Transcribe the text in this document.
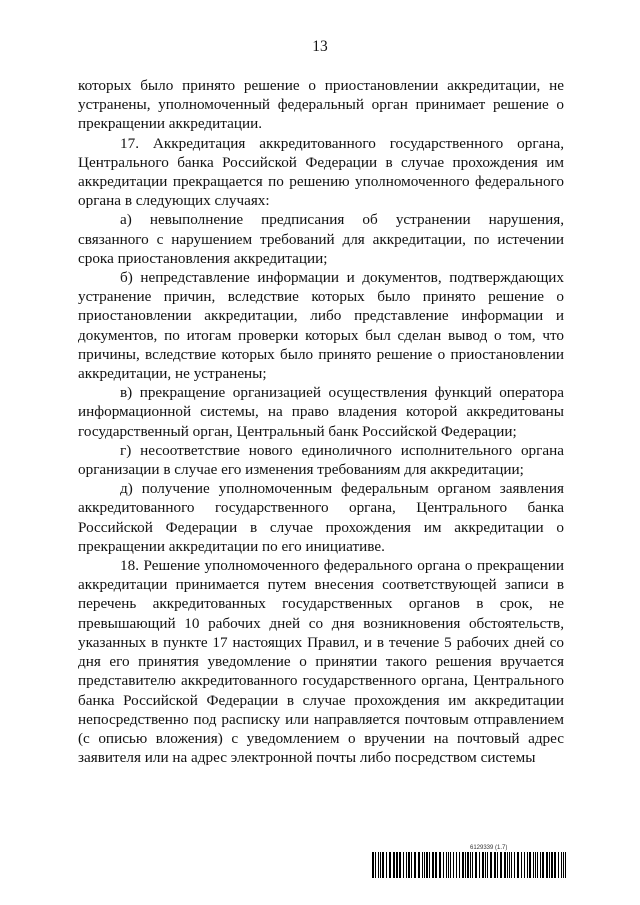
13

которых было принято решение о приостановлении аккредитации, не устранены, уполномоченный федеральный орган принимает решение о прекращении аккредитации.

17. Аккредитация аккредитованного государственного органа, Центрального банка Российской Федерации в случае прохождения им аккредитации прекращается по решению уполномоченного федерального органа в следующих случаях:

а) невыполнение предписания об устранении нарушения, связанного с нарушением требований для аккредитации, по истечении срока приостановления аккредитации;

б) непредставление информации и документов, подтверждающих устранение причин, вследствие которых было принято решение о приостановлении аккредитации, либо представление информации и документов, по итогам проверки которых был сделан вывод о том, что причины, вследствие которых было принято решение о приостановлении аккредитации, не устранены;

в) прекращение организацией осуществления функций оператора информационной системы, на право владения которой аккредитованы государственный орган, Центральный банк Российской Федерации;

г) несоответствие нового единоличного исполнительного органа организации в случае его изменения требованиям для аккредитации;

д) получение уполномоченным федеральным органом заявления аккредитованного государственного органа, Центрального банка Российской Федерации в случае прохождения им аккредитации о прекращении аккредитации по его инициативе.

18. Решение уполномоченного федерального органа о прекращении аккредитации принимается путем внесения соответствующей записи в перечень аккредитованных государственных органов в срок, не превышающий 10 рабочих дней со дня возникновения обстоятельств, указанных в пункте 17 настоящих Правил, и в течение 5 рабочих дней со дня его принятия уведомление о принятии такого решения вручается представителю аккредитованного государственного органа, Центрального банка Российской Федерации в случае прохождения им аккредитации непосредственно под расписку или направляется почтовым отправлением (с описью вложения) с уведомлением о вручении на почтовый адрес заявителя или на адрес электронной почты либо посредством системы

6129339 (1.7)
